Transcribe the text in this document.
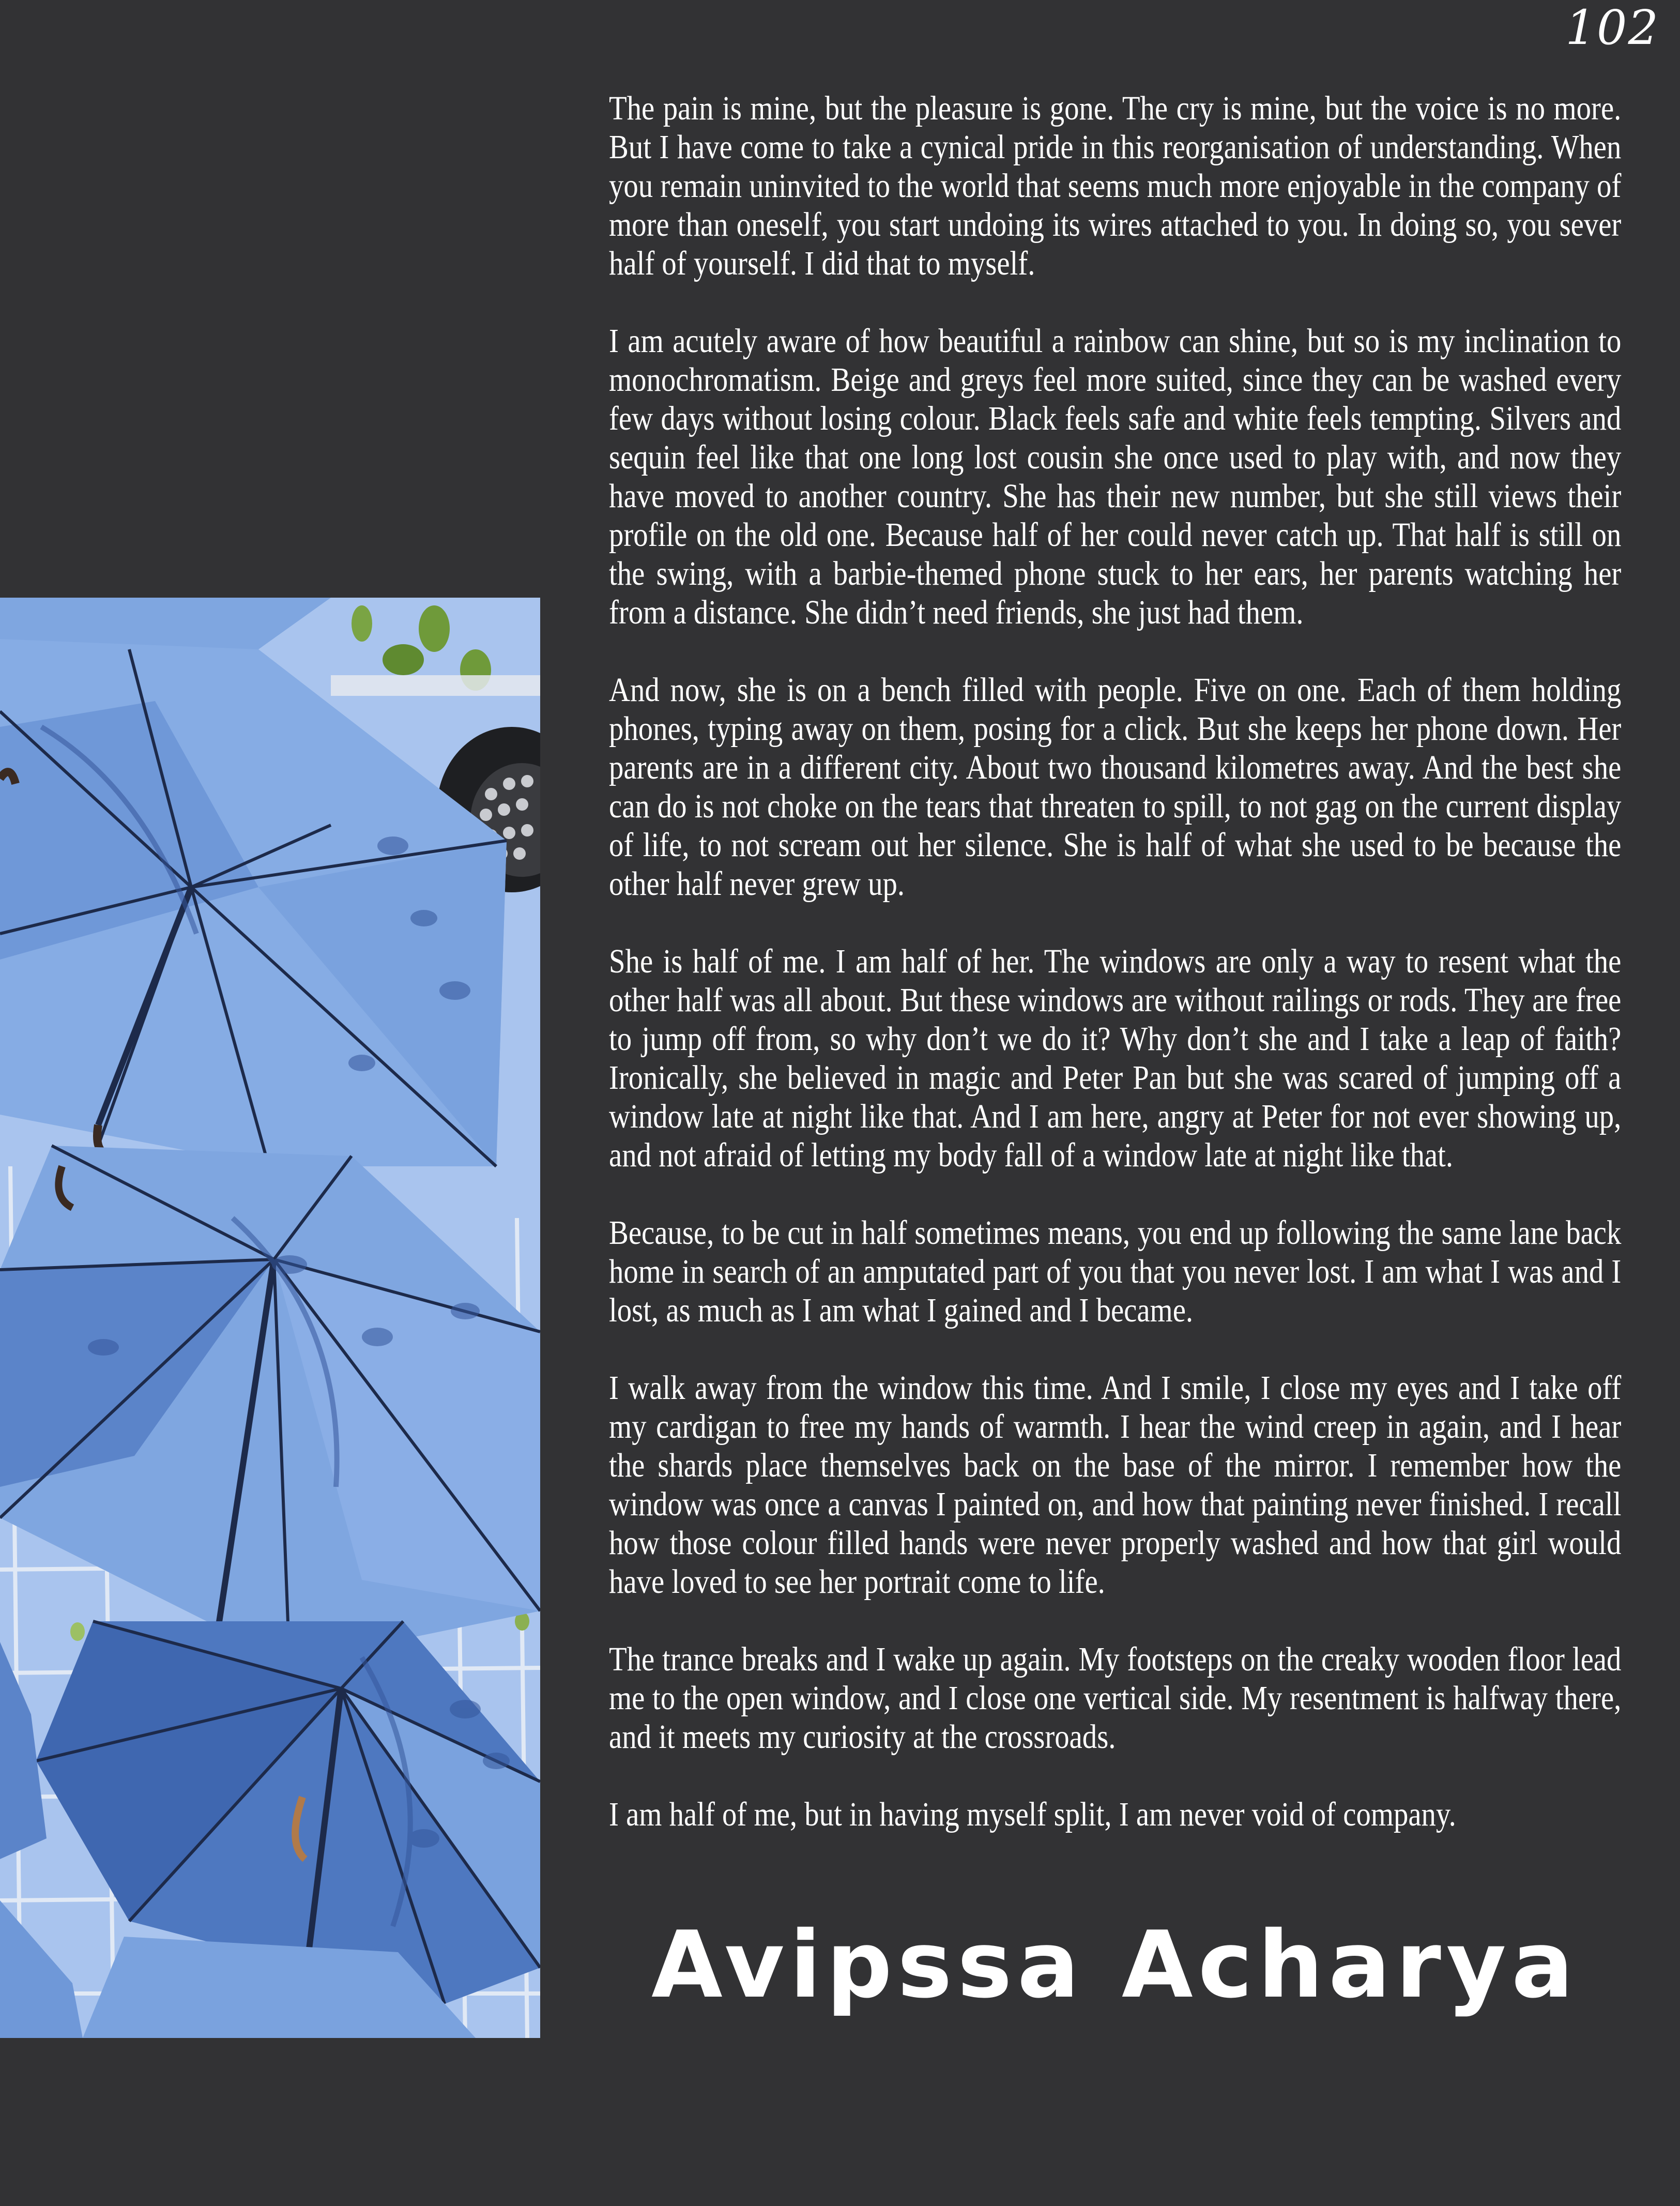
102

The pain is mine, but the pleasure is gone. The cry is mine, but the voice is no more. But I have come to take a cynical pride in this reorganisation of understanding. When you remain uninvited to the world that seems much more enjoyable in the company of more than oneself, you start undoing its wires attached to you. In doing so, you sever half of yourself. I did that to myself.

I am acutely aware of how beautiful a rainbow can shine, but so is my inclination to monochromatism. Beige and greys feel more suited, since they can be washed every few days without losing colour. Black feels safe and white feels tempting. Silvers and sequin feel like that one long lost cousin she once used to play with, and now they have moved to another country. She has their new number, but she still views their profile on the old one. Because half of her could never catch up. That half is still on the swing, with a barbie-themed phone stuck to her ears, her parents watching her from a distance. She didn’t need friends, she just had them.

And now, she is on a bench filled with people. Five on one. Each of them holding phones, typing away on them, posing for a click. But she keeps her phone down. Her parents are in a different city. About two thousand kilometres away. And the best she can do is not choke on the tears that threaten to spill, to not gag on the current display of life, to not scream out her silence. She is half of what she used to be because the other half never grew up.

She is half of me. I am half of her. The windows are only a way to resent what the other half was all about. But these windows are without railings or rods. They are free to jump off from, so why don’t we do it? Why don’t she and I take a leap of faith? Ironically, she believed in magic and Peter Pan but she was scared of jumping off a window late at night like that. And I am here, angry at Peter for not ever showing up, and not afraid of letting my body fall of a window late at night like that.

Because, to be cut in half sometimes means, you end up following the same lane back home in search of an amputated part of you that you never lost. I am what I was and I lost, as much as I am what I gained and I became.

I walk away from the window this time. And I smile, I close my eyes and I take off my cardigan to free my hands of warmth. I hear the wind creep in again, and I hear the shards place themselves back on the base of the mirror. I remember how the window was once a canvas I painted on, and how that painting never finished. I recall how those colour filled hands were never properly washed and how that girl would have loved to see her portrait come to life.

The trance breaks and I wake up again. My footsteps on the creaky wooden floor lead me to the open window, and I close one vertical side. My resentment is halfway there, and it meets my curiosity at the crossroads.

I am half of me, but in having myself split, I am never void of company.

Avipssa Acharya
